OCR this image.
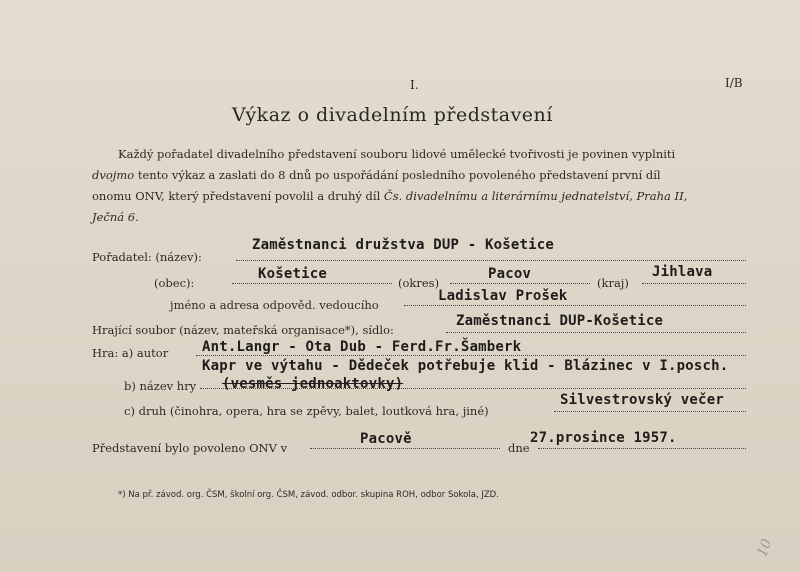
I.	I/B
Výkaz o divadelním představení
Každý pořadatel divadelního představení souboru lidové umělecké tvořivosti je povinen vyplniti
dvojmo tento výkaz a zaslati do 8 dnů po uspořádání posledního povoleného představení první díl
onomu ONV, který představení povolil a druhý díl Čs. divadelnímu a literárnímu jednatelství, Praha II,
Ječná 6.
Pořadatel: (název):
Zaměstnanci družstva DUP - Košetice
(obec):
Košetice
(okres)
Pacov
(kraj)
Jihlava
jméno a adresa odpověd. vedoucího
Ladislav Prošek
Hrající soubor (název, mateřská organisace*), sídlo:
Zaměstnanci DUP-Košetice
Hra: a) autor Ant.Langr - Ota Dub - Ferd.Fr.Šamberk
Kapr ve výtahu - Dědeček potřebuje klid - Blázinec v I.posch.
b) název hry (vesměs jednoaktovky)
c) druh (činohra, opera, hra se zpěvy, balet, loutková hra, jiné)
Silvestrovský večer
Představení bylo povoleno ONV v
Pacově
dne
27.prosince 1957.
*) Na př. závod. org. ČSM, školní org. ČSM, závod. odbor. skupina ROH, odbor Sokola, JZD.
10
